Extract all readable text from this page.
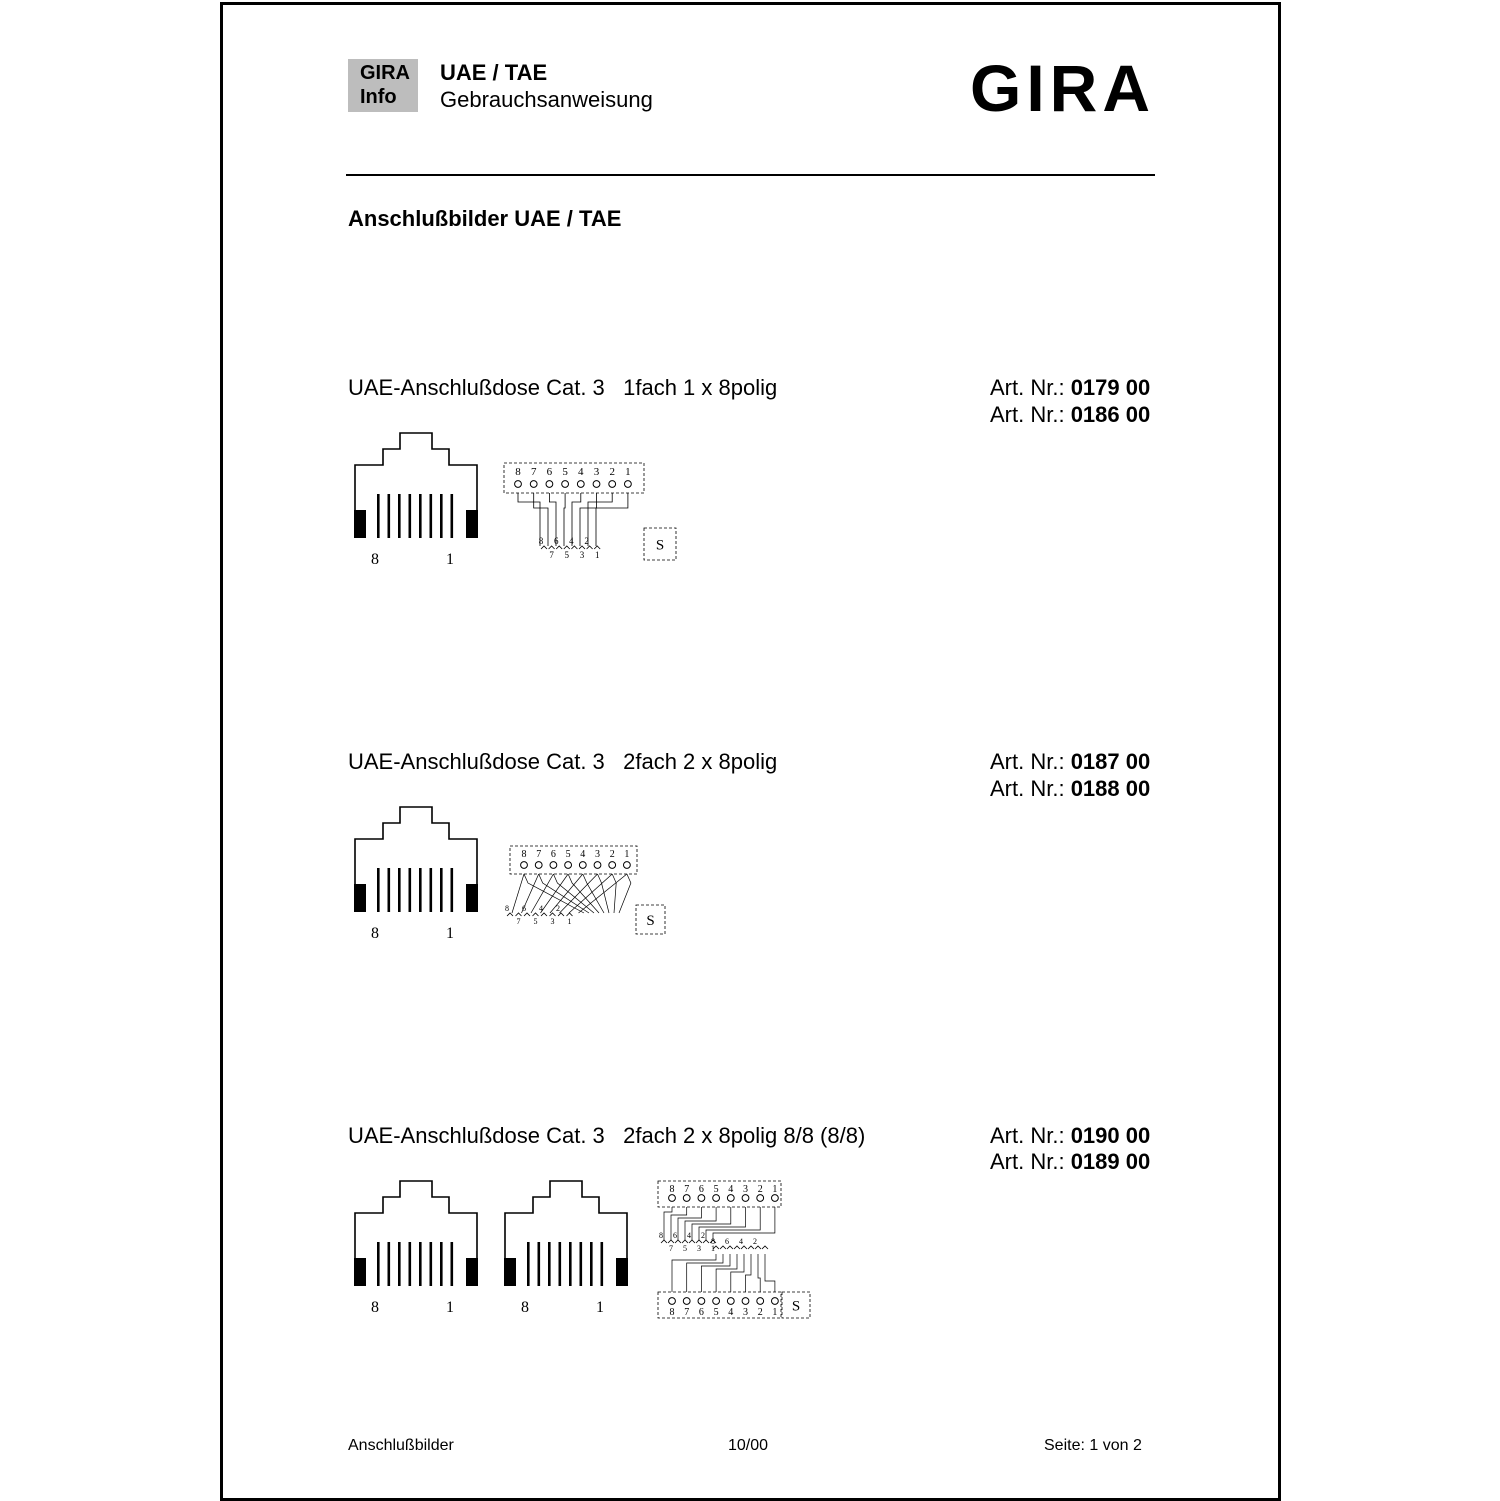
GIRA
Info
UAE / TAE
Gebrauchsanweisung	GIRA
Anschlußbilder UAE / TAE
UAE-Anschlußdose Cat. 3 1fach 1 x 8polig	Art. Nr.: 0179 00
Art. Nr.: 0186 00
UAE-Anschlußdose Cat. 3 2fach 2 x 8polig	Art. Nr.: 0187 00
Art. Nr.: 0188 00
UAE-Anschlußdose Cat. 3 2fach 2 x 8polig 8/8 (8/8)	Art. Nr.: 0190 00
Art. Nr.: 0189 00
8	1
8 7 6 5 4 3 2 1
8 6 4 2
7 5 3 1
S
8	1
8 7 6 5 4 3 2 1
8 6 4 2
7 5 3 1	S
8	1	8	1
8 7 6 5 4 3 2 1
8 7 6 5 4 3 2 1
8 6 4 2
7 5 3 1
8 6 4 2
S
Anschlußbilder	10/00	Seite: 1 von 2
